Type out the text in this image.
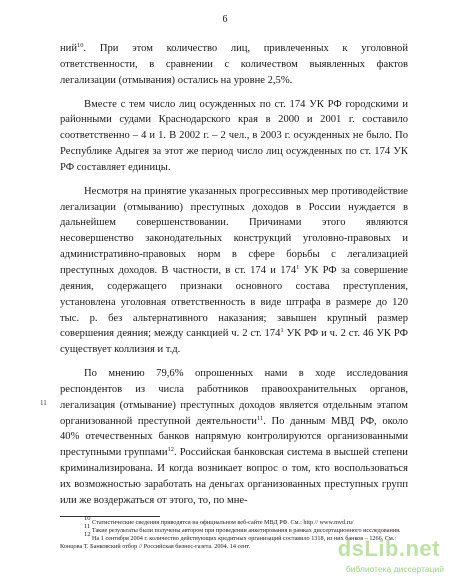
6

ний$^{10}$. При этом количество лиц, привлеченных к уголовной ответственности, в сравнении с количеством выявленных фактов легализации (отмывания) остались на уровне 2,5%.

Вместе с тем число лиц осужденных по ст. 174 УК РФ городскими и районными судами Краснодарского края в 2000 и 2001 г. составило соответственно – 4 и 1. В 2002 г. – 2 чел., в 2003 г. осужденных не было. По Республике Адыгея за этот же период число лиц осужденных по ст. 174 УК РФ составляет единицы.

Несмотря на принятие указанных прогрессивных мер противодействие легализации (отмыванию) преступных доходов в России нуждается в дальнейшем совершенствовании. Причинами этого являются несовершенство законодательных конструкций уголовно-правовых и административно-правовых норм в сфере борьбы с легализацией преступных доходов. В частности, в ст. 174 и $174^1$ УК РФ за совершение деяния, содержащего признаки основного состава преступления, установлена уголовная ответственность в виде штрафа в размере до 120 тыс. р. без альтернативного наказания; завышен крупный размер совершения деяния; между санкцией ч. 2 ст. $174^1$ УК РФ и ч. 2 ст. 46 УК РФ существует коллизия и т.д.

По мнению 79,6% опрошенных нами в ходе исследования респондентов из числа работников правоохранительных органов, легализация (отмывание) преступных доходов является отдельным этапом организованной преступной деятельности$^{11}$. По данным МВД РФ, около 40% отечественных банков напрямую контролируются организованными преступными группами$^{12}$. Российская банковская система в высшей степени криминализирована. И когда возникает вопрос о том, кто воспользоваться их возможностью заработать на деньгах организованных преступных групп или же воздержаться от этого, то, по мне-

11

$^{10}$ Статистические сведения приводятся на официальном веб-сайте МВД РФ. См.: http // www.mvd.ru/

$^{11}$ Такие результаты были получены автором при проведении анкетирования в рамках диссертационного исследования.

$^{12}$ На 1 сентября 2004 г. количество действующих кредитных организаций составило 1318, из них банков – 1266. См.: Концова Т. Банковский отбор // Российская бизнес-газета. 2004. 14 сент.	dsLib.net
библиотека диссертаций
